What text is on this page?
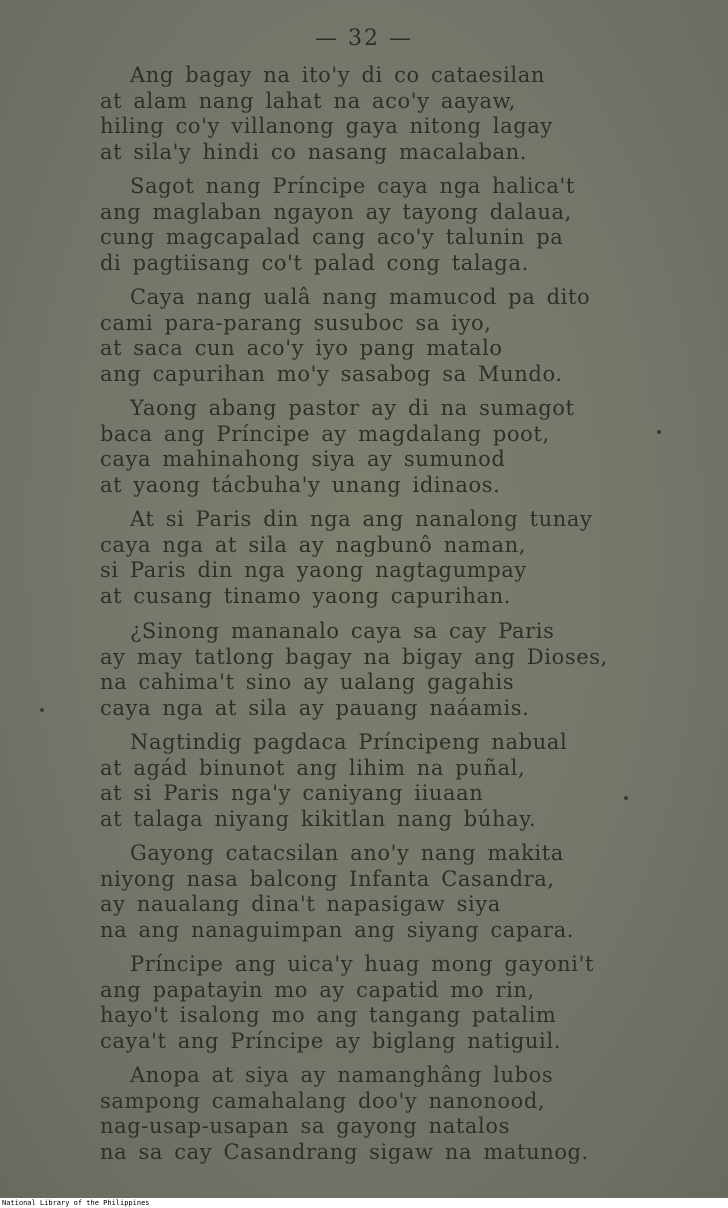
— 32 —
Ang bagay na ito'y di co cataesilan
at alam nang lahat na aco'y aayaw,
hiling co'y villanong gaya nitong lagay
at sila'y hindi co nasang macalaban.
Sagot nang Príncipe caya nga halica't
ang maglaban ngayon ay tayong dalaua,
cung magcapalad cang aco'y talunin pa
di pagtiisang co't palad cong talaga.
Caya nang ualâ nang mamucod pa dito
cami para-parang susuboc sa iyo,
at saca cun aco'y iyo pang matalo
ang capurihan mo'y sasabog sa Mundo.
Yaong abang pastor ay di na sumagot
baca ang Príncipe ay magdalang poot,
caya mahinahong siya ay sumunod
at yaong tácbuha'y unang idinaos.
At si Paris din nga ang nanalong tunay
caya nga at sila ay nagbunô naman,
si Paris din nga yaong nagtagumpay
at cusang tinamo yaong capurihan.
¿Sinong mananalo caya sa cay Paris
ay may tatlong bagay na bigay ang Dioses,
na cahima't sino ay ualang gagahis
caya nga at sila ay pauang naáamis.
Nagtindig pagdaca Príncipeng nabual
at agád binunot ang lihim na puñal,
at si Paris nga'y caniyang iiuaan
at talaga niyang kikitlan nang búhay.
Gayong catacsilan ano'y nang makita
niyong nasa balcong Infanta Casandra,
ay naualang dina't napasigaw siya
na ang nanaguimpan ang siyang capara.
Príncipe ang uica'y huag mong gayoni't
ang papatayin mo ay capatid mo rin,
hayo't isalong mo ang tangang patalim
caya't ang Príncipe ay biglang natiguil.
Anopa at siya ay namanghâng lubos
sampong camahalang doo'y nanonood,
nag-usap-usapan sa gayong natalos
na sa cay Casandrang sigaw na matunog.
National Library of the Philippines
